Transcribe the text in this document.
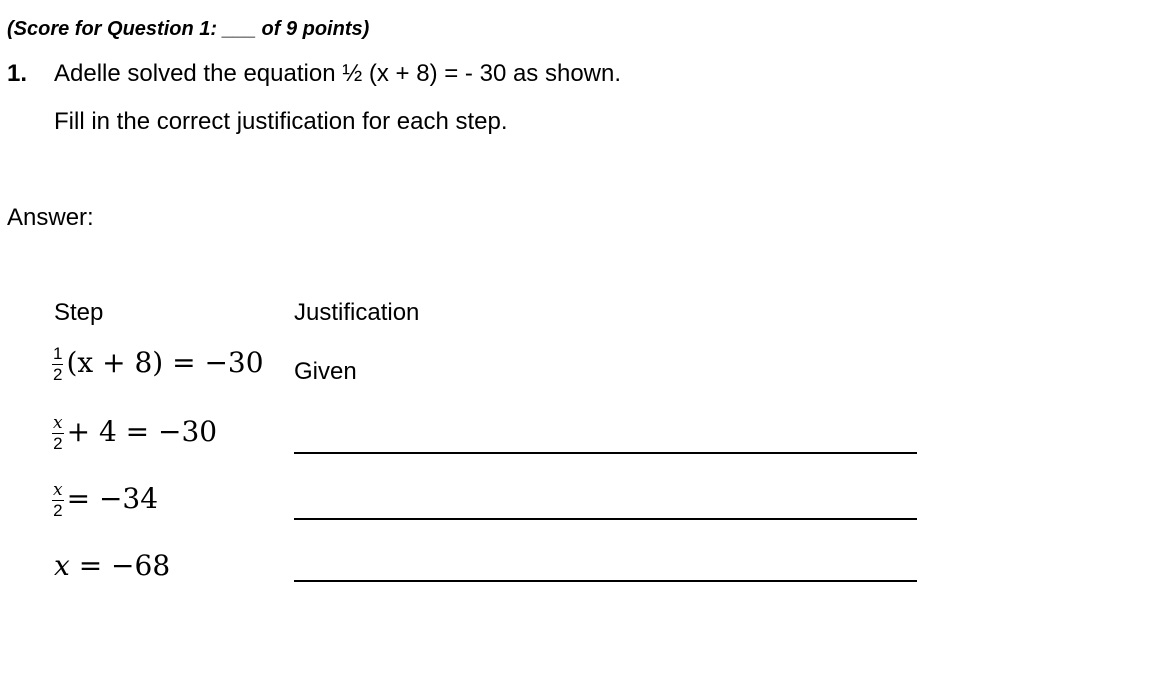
(Score for Question 1: ___ of 9 points)
1. Adelle solved the equation ½ (x + 8) = - 30 as shown.
Fill in the correct justification for each step.
Answer:
Step	Justification
$\frac{1}{2} (x + 8) = -30$ Given
$\frac{x}{2} + 4 = -30$
$\frac{x}{2} = -34$
x = −68
